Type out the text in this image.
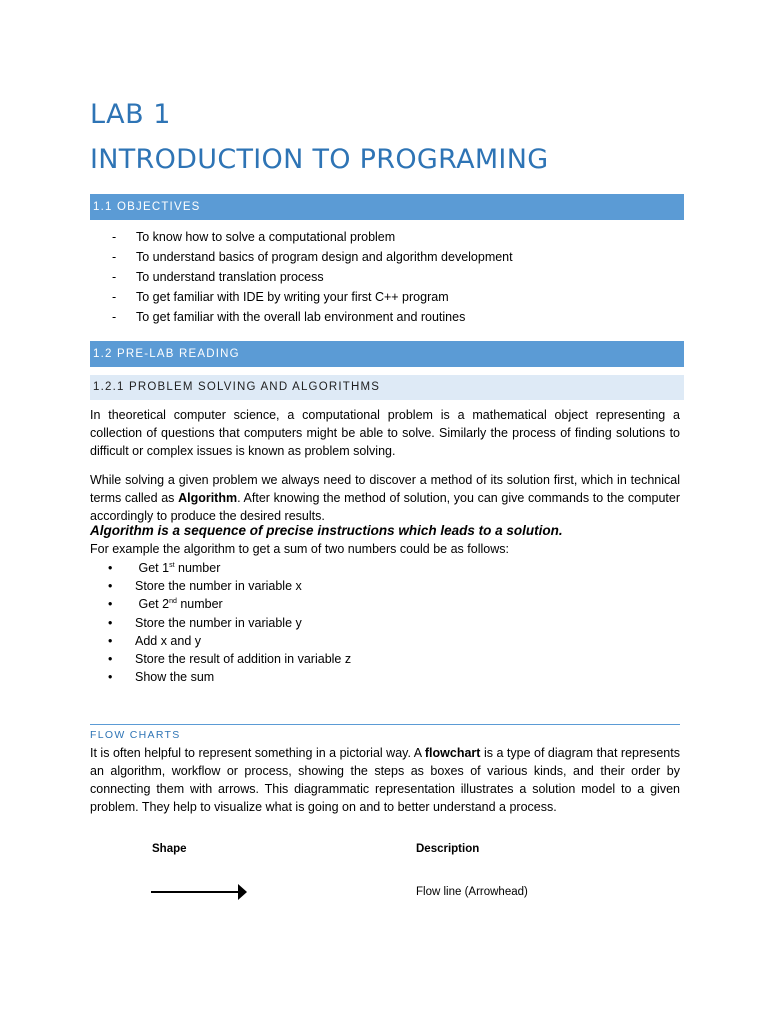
LAB 1
INTRODUCTION TO PROGRAMING
1.1 OBJECTIVES
- To know how to solve a computational problem
- To understand basics of program design and algorithm development
- To understand translation process
- To get familiar with IDE by writing your first C++ program
- To get familiar with the overall lab environment and routines
1.2 PRE-LAB READING
1.2.1 PROBLEM SOLVING AND ALGORITHMS

In theoretical computer science, a computational problem is a mathematical object representing a collection of questions that computers might be able to solve. Similarly the process of finding solutions to difficult or complex issues is known as problem solving.

While solving a given problem we always need to discover a method of its solution first, which in technical terms called as Algorithm. After knowing the method of solution, you can give commands to the computer accordingly to produce the desired results.

Algorithm is a sequence of precise instructions which leads to a solution.
For example the algorithm to get a sum of two numbers could be as follows:
• Get 1st number
• Store the number in variable x
• Get 2nd number
• Store the number in variable y
• Add x and y
• Store the result of addition in variable z
• Show the sum
FLOW CHARTS

It is often helpful to represent something in a pictorial way. A flowchart is a type of diagram that represents an algorithm, workflow or process, showing the steps as boxes of various kinds, and their order by connecting them with arrows. This diagrammatic representation illustrates a solution model to a given problem. They help to visualize what is going on and to better understand a process.

Shape	Description
Flow line (Arrowhead)
